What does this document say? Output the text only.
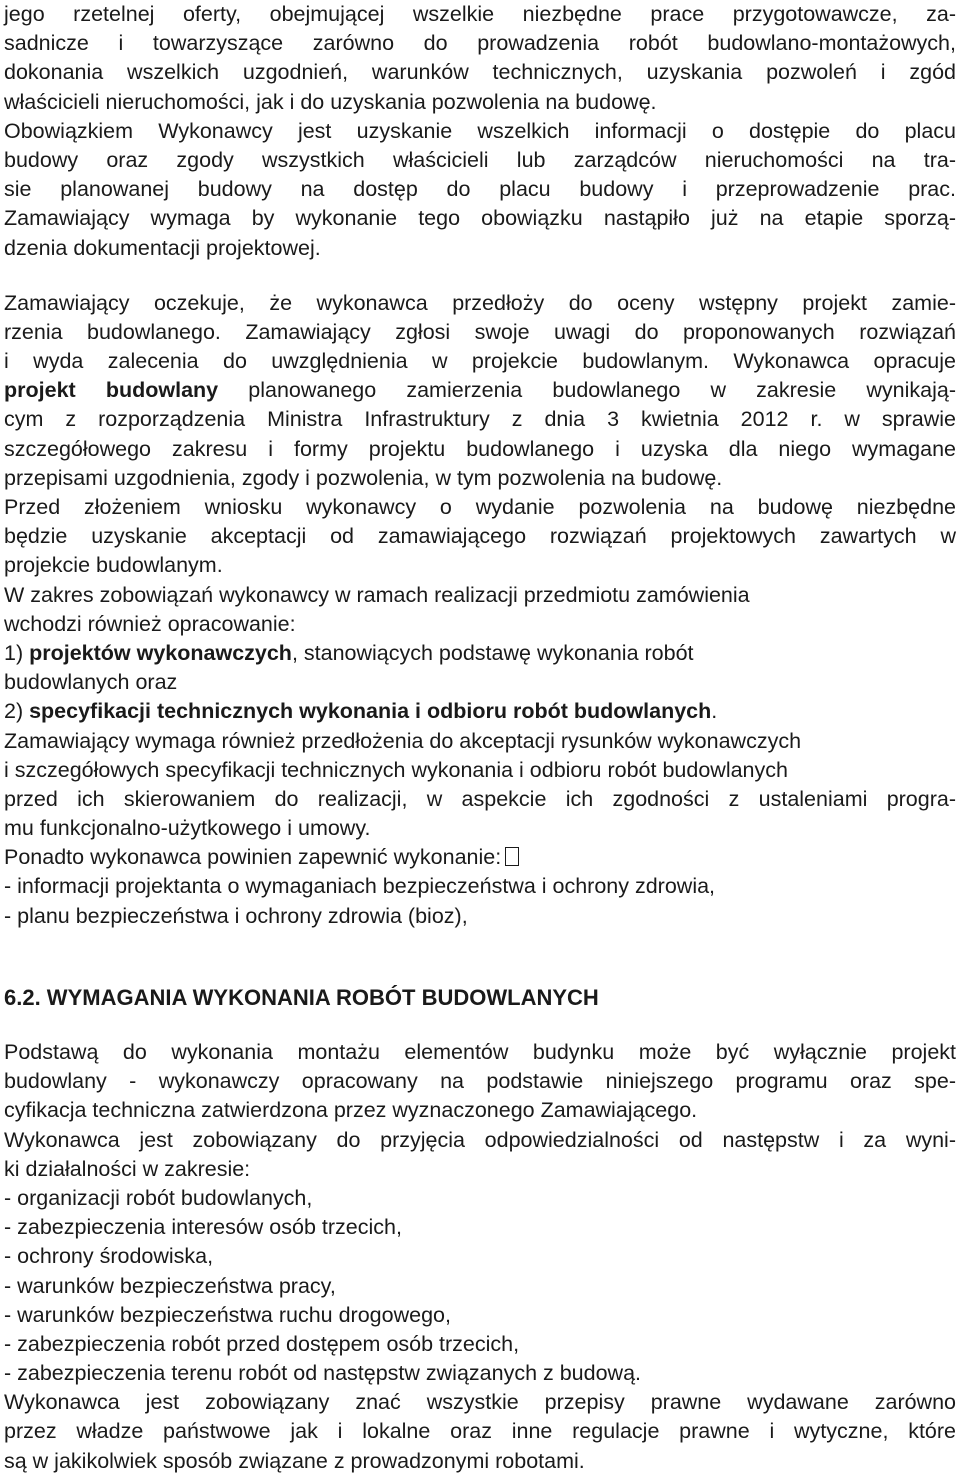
jego rzetelnej oferty, obejmującej wszelkie niezbędne prace przygotowawcze, za-
sadnicze i towarzyszące zarówno do prowadzenia robót budowlano-montażowych,
dokonania wszelkich uzgodnień, warunków technicznych, uzyskania pozwoleń i zgód
właścicieli nieruchomości, jak i do uzyskania pozwolenia na budowę.
Obowiązkiem Wykonawcy jest uzyskanie wszelkich informacji o dostępie do placu
budowy oraz zgody wszystkich właścicieli lub zarządców nieruchomości na tra-
sie planowanej budowy na dostęp do placu budowy i przeprowadzenie prac.
Zamawiający wymaga by wykonanie tego obowiązku nastąpiło już na etapie sporzą-
dzenia dokumentacji projektowej.
Zamawiający oczekuje, że wykonawca przedłoży do oceny wstępny projekt zamie-
rzenia budowlanego. Zamawiający zgłosi swoje uwagi do proponowanych rozwiązań
i wyda zalecenia do uwzględnienia w projekcie budowlanym. Wykonawca opracuje
projekt budowlany planowanego zamierzenia budowlanego w zakresie wynikają-
cym z rozporządzenia Ministra Infrastruktury z dnia 3 kwietnia 2012 r. w sprawie
szczegółowego zakresu i formy projektu budowlanego i uzyska dla niego wymagane
przepisami uzgodnienia, zgody i pozwolenia, w tym pozwolenia na budowę.
Przed złożeniem wniosku wykonawcy o wydanie pozwolenia na budowę niezbędne
będzie uzyskanie akceptacji od zamawiającego rozwiązań projektowych zawartych w
projekcie budowlanym.
W zakres zobowiązań wykonawcy w ramach realizacji przedmiotu zamówienia
wchodzi również opracowanie:
1) projektów wykonawczych, stanowiących podstawę wykonania robót
budowlanych oraz
2) specyfikacji technicznych wykonania i odbioru robót budowlanych.
Zamawiający wymaga również przedłożenia do akceptacji rysunków wykonawczych
i szczegółowych specyfikacji technicznych wykonania i odbioru robót budowlanych
przed ich skierowaniem do realizacji, w aspekcie ich zgodności z ustaleniami progra-
mu funkcjonalno-użytkowego i umowy.
Ponadto wykonawca powinien zapewnić wykonanie:
- informacji projektanta o wymaganiach bezpieczeństwa i ochrony zdrowia,
- planu bezpieczeństwa i ochrony zdrowia (bioz),
6.2. WYMAGANIA WYKONANIA ROBÓT BUDOWLANYCH
Podstawą do wykonania montażu elementów budynku może być wyłącznie projekt
budowlany - wykonawczy opracowany na podstawie niniejszego programu oraz spe-
cyfikacja techniczna zatwierdzona przez wyznaczonego Zamawiającego.
Wykonawca jest zobowiązany do przyjęcia odpowiedzialności od następstw i za wyni-
ki działalności w zakresie:
- organizacji robót budowlanych,
- zabezpieczenia interesów osób trzecich,
- ochrony środowiska,
- warunków bezpieczeństwa pracy,
- warunków bezpieczeństwa ruchu drogowego,
- zabezpieczenia robót przed dostępem osób trzecich,
- zabezpieczenia terenu robót od następstw związanych z budową.
Wykonawca jest zobowiązany znać wszystkie przepisy prawne wydawane zarówno
przez władze państwowe jak i lokalne oraz inne regulacje prawne i wytyczne, które
są w jakikolwiek sposób związane z prowadzonymi robotami.
